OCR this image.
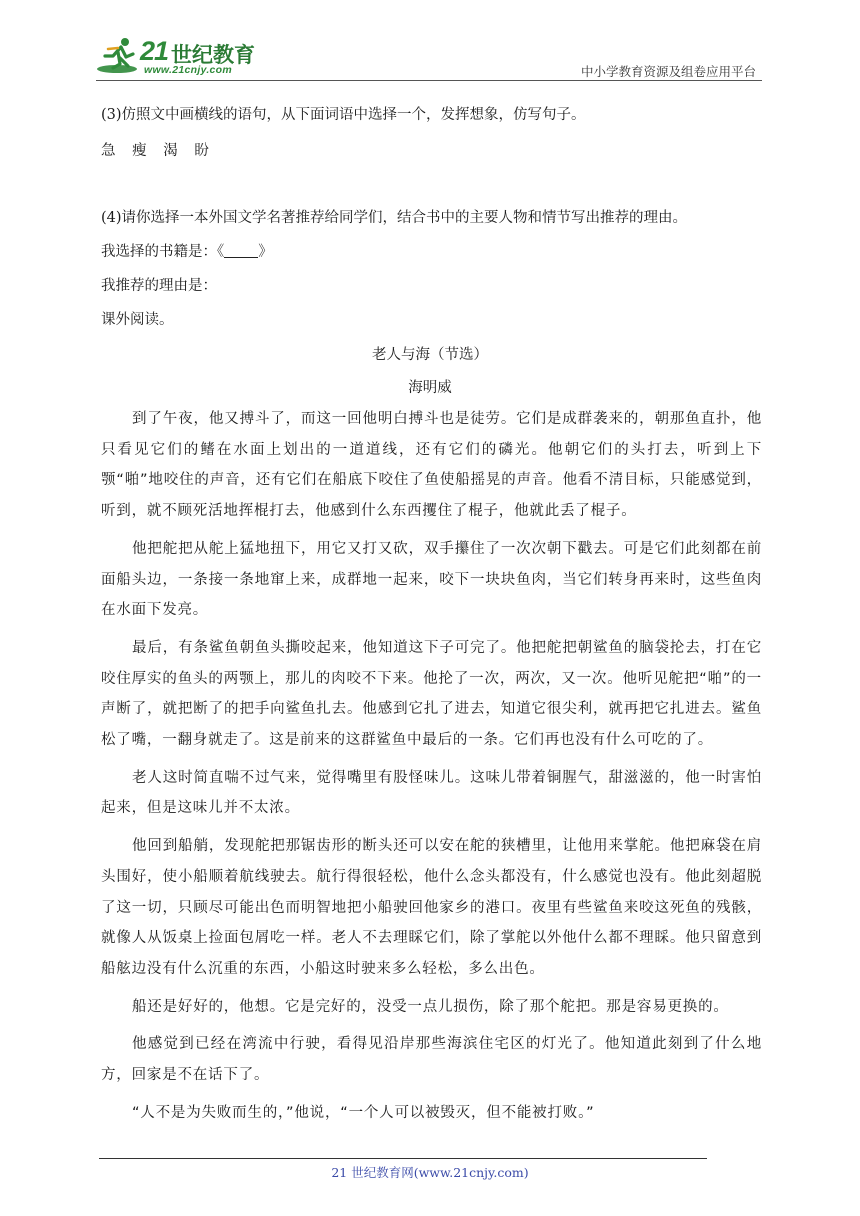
21 世纪教育
www.21cnjy.com	中小学教育资源及组卷应用平台
(3)仿照文中画横线的语句，从下面词语中选择一个，发挥想象，仿写句子。
急 瘦 渴 盼
(4)请你选择一本外国文学名著推荐给同学们，结合书中的主要人物和情节写出推荐的理由。
我选择的书籍是：《 》
我推荐的理由是：
课外阅读。
老人与海（节选）
海明威

到了午夜，他又搏斗了，而这一回他明白搏斗也是徒劳。它们是成群袭来的，朝那鱼直扑，他只看见它们的鳍在水面上划出的一道道线，还有它们的磷光。他朝它们的头打去，听到上下颚“啪”地咬住的声音，还有它们在船底下咬住了鱼使船摇晃的声音。他看不清目标，只能感觉到，听到，就不顾死活地挥棍打去，他感到什么东西攫住了棍子，他就此丢了棍子。

他把舵把从舵上猛地扭下，用它又打又砍，双手攥住了一次次朝下戳去。可是它们此刻都在前面船头边，一条接一条地窜上来，成群地一起来，咬下一块块鱼肉，当它们转身再来时，这些鱼肉在水面下发亮。

最后，有条鲨鱼朝鱼头撕咬起来，他知道这下子可完了。他把舵把朝鲨鱼的脑袋抡去，打在它咬住厚实的鱼头的两颚上，那儿的肉咬不下来。他抡了一次，两次，又一次。他听见舵把“啪”的一声断了，就把断了的把手向鲨鱼扎去。他感到它扎了进去，知道它很尖利，就再把它扎进去。鲨鱼松了嘴，一翻身就走了。这是前来的这群鲨鱼中最后的一条。它们再也没有什么可吃的了。

老人这时简直喘不过气来，觉得嘴里有股怪味儿。这味儿带着铜腥气，甜滋滋的，他一时害怕起来，但是这味儿并不太浓。

他回到船艄，发现舵把那锯齿形的断头还可以安在舵的狭槽里，让他用来掌舵。他把麻袋在肩头围好，使小船顺着航线驶去。航行得很轻松，他什么念头都没有，什么感觉也没有。他此刻超脱了这一切，只顾尽可能出色而明智地把小船驶回他家乡的港口。夜里有些鲨鱼来咬这死鱼的残骸，就像人从饭桌上捡面包屑吃一样。老人不去理睬它们，除了掌舵以外他什么都不理睬。他只留意到船舷边没有什么沉重的东西，小船这时驶来多么轻松，多么出色。

船还是好好的，他想。它是完好的，没受一点儿损伤，除了那个舵把。那是容易更换的。

他感觉到已经在湾流中行驶，看得见沿岸那些海滨住宅区的灯光了。他知道此刻到了什么地方，回家是不在话下了。

“人不是为失败而生的，”他说，“一个人可以被毁灭，但不能被打败。”

21 世纪教育网(www.21cnjy.com)
